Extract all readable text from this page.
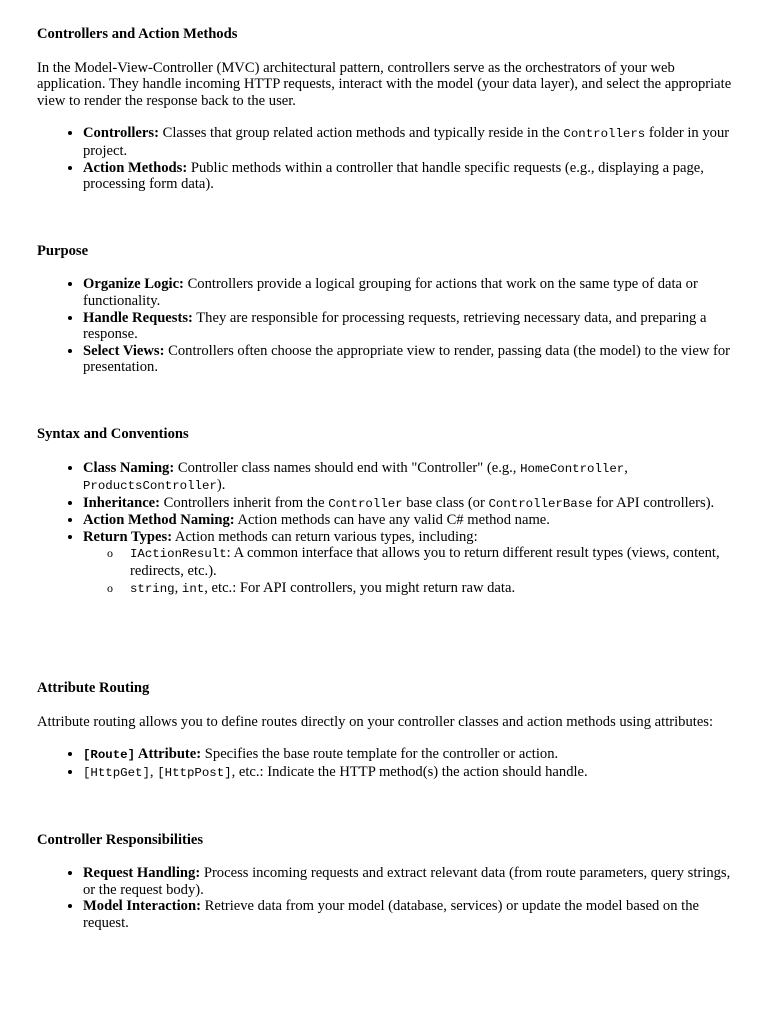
Controllers and Action Methods

In the Model-View-Controller (MVC) architectural pattern, controllers serve as the orchestrators of your web application. They handle incoming HTTP requests, interact with the model (your data layer), and select the appropriate view to render the response back to the user.

• Controllers: Classes that group related action methods and typically reside in the Controllers folder in your project.
• Action Methods: Public methods within a controller that handle specific requests (e.g., displaying a page, processing form data).
Purpose
• Organize Logic: Controllers provide a logical grouping for actions that work on the same type of data or functionality.
• Handle Requests: They are responsible for processing requests, retrieving necessary data, and preparing a response.
• Select Views: Controllers often choose the appropriate view to render, passing data (the model) to the view for presentation.
Syntax and Conventions
• Class Naming: Controller class names should end with "Controller" (e.g., HomeController, ProductsController).
• Inheritance: Controllers inherit from the Controller base class (or ControllerBase for API controllers).
• Action Method Naming: Action methods can have any valid C# method name.
• Return Types: Action methods can return various types, including:
o IActionResult: A common interface that allows you to return different result types (views, content, redirects, etc.).
o string, int, etc.: For API controllers, you might return raw data.
Attribute Routing

Attribute routing allows you to define routes directly on your controller classes and action methods using attributes:

• [Route] Attribute: Specifies the base route template for the controller or action.
• [HttpGet], [HttpPost], etc.: Indicate the HTTP method(s) the action should handle.
Controller Responsibilities
• Request Handling: Process incoming requests and extract relevant data (from route parameters, query strings, or the request body).
• Model Interaction: Retrieve data from your model (database, services) or update the model based on the request.
